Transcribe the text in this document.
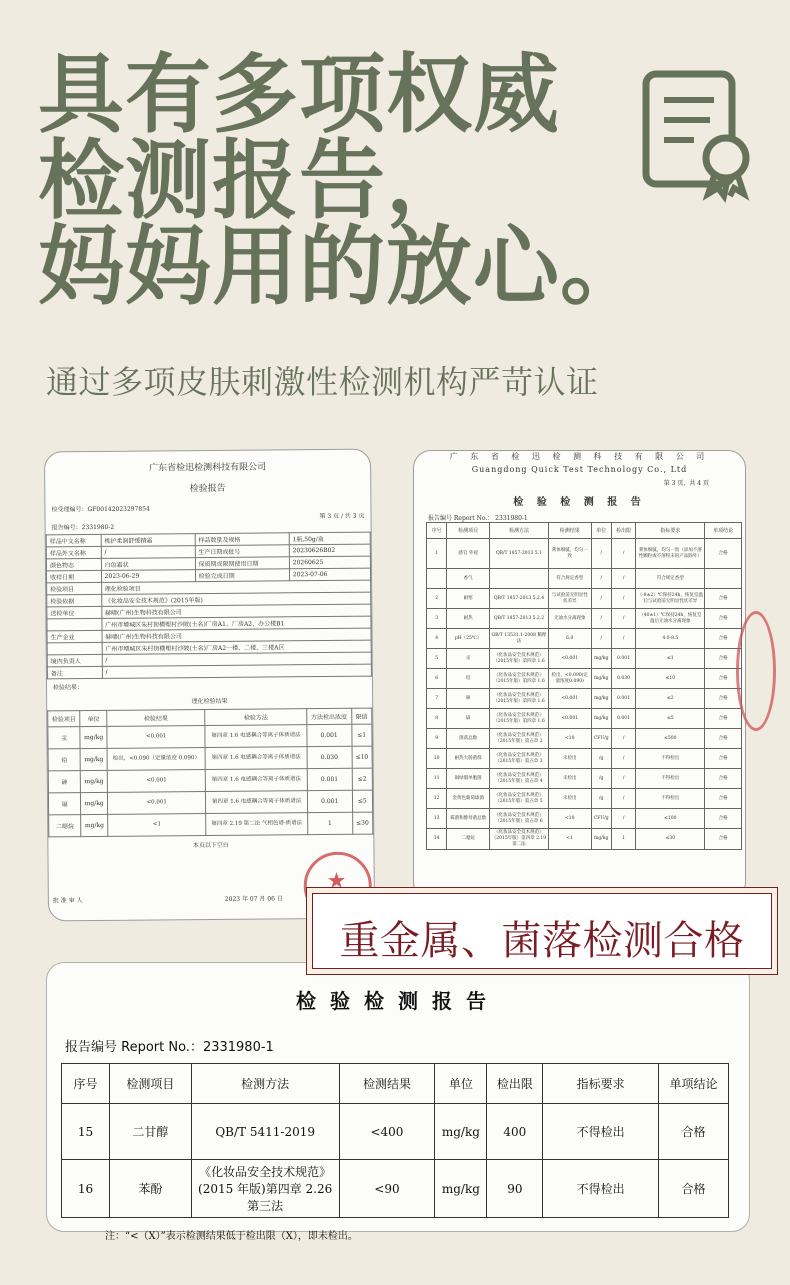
具有多项权威
检测报告，
妈妈用的放心。
通过多项皮肤刺激性检测机构严苛认证
广东省检迅检测科技有限公司
检验报告
检受理编号：GF00142023297854
第 3 页 / 共 3 页
报告编号：2331980-2
样品中文名称	桃护柔润舒缓精霜	样品数量及规格	1瓶,50g/盒
样品外文名称	/	生产日期或批号	20230626B02
颜色物态	白色霜状	保质期或限期使用日期	20260625
收样日期	2023-06-29	检验完成日期	2023-07-06
检验项目	理化检验项目		
检验依据	《化妆品安全技术规范》(2015年版)		
送检单位	赫晴(广州)生物科技有限公司		
	广州市增城区朱村街横塱村沙陂(土名)厂房A1、厂房A2、办公楼B1		
生产企业	赫晴(广州)生物科技有限公司		
	广州市增城区朱村街横塱村沙陂(土名)厂房A2一楼、二楼、三楼A区		
境内负责人	/		
备注	/		
检验结果：
理化检验结果
检验项目	单位	检验结果	检验方法	方法检出浓度	限值
汞	mg/kg	<0.001	第四章 1.6 电感耦合等离子体质谱法	0.001	≤1
铅	mg/kg	检出，<0.090（定量浓度 0.090）	第四章 1.6 电感耦合等离子体质谱法	0.030	≤10
砷	mg/kg	<0.001	第四章 1.6 电感耦合等离子体质谱法	0.001	≤2
镉	mg/kg	<0.001	第四章 1.6 电感耦合等离子体质谱法	0.001	≤5
二噁烷	mg/kg	<1	第四章 2.19 第二法 气相色谱-质谱法	1	≤30
本页以下空白
批 准 审 人	2023 年 07 月 06 日
★
广 东 省 检 迅 检 测 科 技 有 限 公 司
Guangdong Quick Test Technology Co., Ltd
第 3 页，共 4 页
检 验 检 测 报 告
报告编号 Report No.： 2331980-1
序号	检测项目	检测方法	检测结果	单位	检出限	指标要求	单项结论
1	感官 外观	QB/T 1857-2013 5.1	膏体细腻，均匀一致	/	/	膏体细腻，均匀一致（添加不溶性颗粒或不溶粉末的产品除外）	合格
	香气		符合规定香型	/	/	符合规定香型	
2	耐寒	QB/T 1857-2013 5.2.4	与试验前无明显性状差异	/	/	（-8±2）℃保持24h，恢复室温后与试验前无明显性状差异	合格
3	耐热	QB/T 1857-2013 5.2.2	无油水分离现象	/	/	（40±1）℃保持24h，恢复室温后无油水分离现象	合格
4	pH（25℃）	GB/T 13531.1-2008 稀释法	6.0	/	/	4.0-8.5	合格
5	汞	《化妆品安全技术规范》（2015年版）第四章 1.6	<0.001	mg/kg	0.001	≤1	合格
6	铅	《化妆品安全技术规范》（2015年版）第四章 1.6	检出，<0.090(定量浓度0.090)	mg/kg	0.030	≤10	合格
7	砷	《化妆品安全技术规范》（2015年版）第四章 1.6	<0.001	mg/kg	0.001	≤2	合格
8	镉	《化妆品安全技术规范》（2015年版）第四章 1.6	<0.001	mg/kg	0.001	≤5	合格
9	菌落总数	《化妆品安全技术规范》（2015年版）第五章 2	<10	CFU/g	/	≤500	合格
10	耐热大肠菌群	《化妆品安全技术规范》（2015年版）第五章 3	未检出	/g	/	不得检出	合格
11	铜绿假单胞菌	《化妆品安全技术规范》（2015年版）第五章 4	未检出	/g	/	不得检出	合格
12	金黄色葡萄球菌	《化妆品安全技术规范》（2015年版）第五章 5	未检出	/g	/	不得检出	合格
13	霉菌和酵母菌总数	《化妆品安全技术规范》（2015年版）第五章 6	<10	CFU/g	/	≤100	合格
14	二噁烷	《化妆品安全技术规范》（2015年版）第四章 2.19 第二法	<1	mg/kg	1	≤30	合格
检验检测报告
报告编号 Report No.：2331980-1
序号	检测项目	检测方法	检测结果	单位	检出限	指标要求	单项结论
15	二甘醇	QB/T 5411-2019	<400	mg/kg	400	不得检出	合格
16	苯酚	《化妆品安全技术规范》(2015 年版)第四章 2.26 第三法	<90	mg/kg	90	不得检出	合格
注：“<（X）”表示检测结果低于检出限（X），即未检出。
重金属、菌落检测合格
